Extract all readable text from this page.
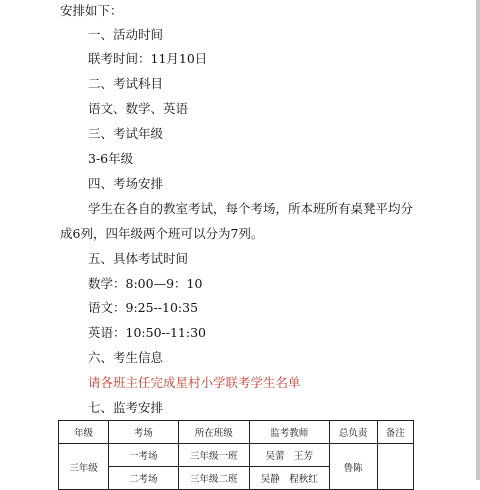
安排如下：
一、活动时间
联考时间：11月10日
二、考试科目
语文、数学、英语
三、考试年级
3-6年级
四、考场安排
学生在各自的教室考试，每个考场，所本班所有桌凳平均分
成6列，四年级两个班可以分为7列。
五、具体考试时间
数学：8:00—9：10
语文：9:25--10:35
英语：10:50--11:30
六、考生信息
请各班主任完成星村小学联考学生名单
七、监考安排
年级	考场	所在班级	监考教师	总负责	备注
三年级	一考场	三年级一班	吴蕾　王芳	鲁陈	
	二考场	三年级二班	吴静　程秋红		
